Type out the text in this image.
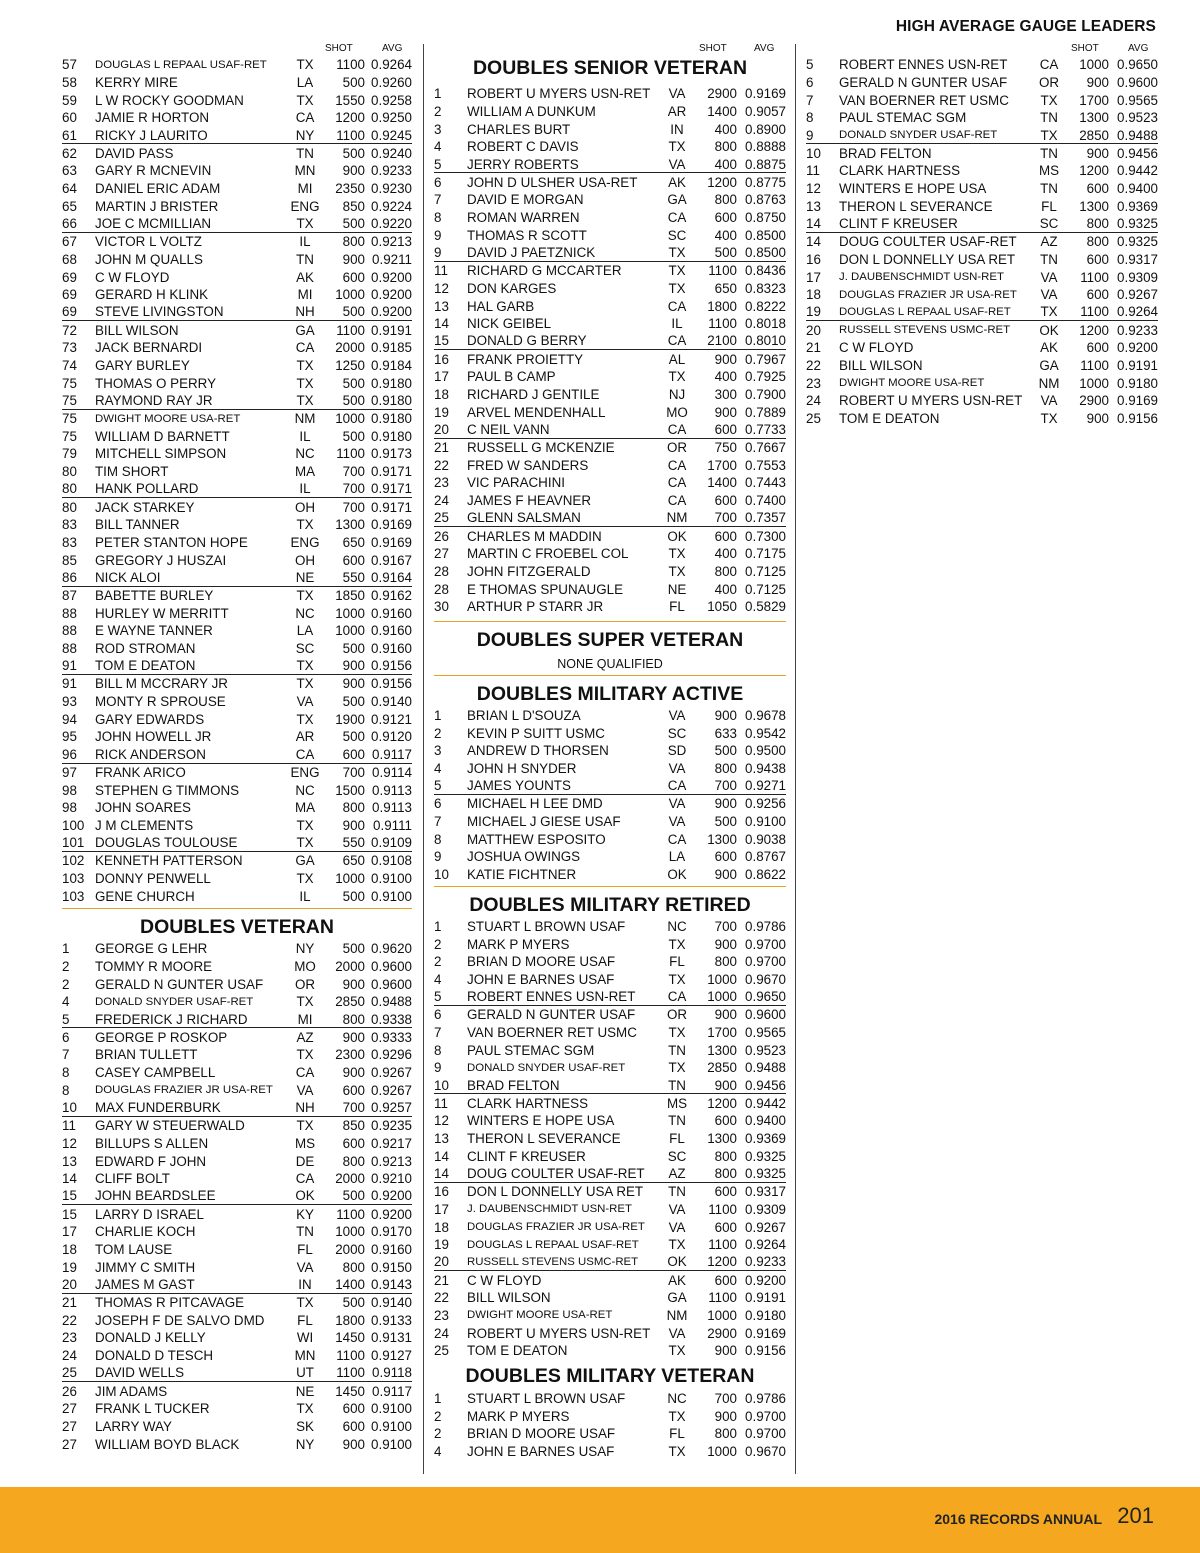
HIGH AVERAGE GAUGE LEADERS
SHOT	AVG
57	DOUGLAS L REPAAL USAF-RET	TX	1100 0.9264
58	KERRY MIRE	LA	500 0.9260
59	L W ROCKY GOODMAN	TX	1550 0.9258
60	JAMIE R HORTON	CA	1200 0.9250
61	RICKY J LAURITO	NY	1100 0.9245
62	DAVID PASS	TN	500 0.9240
63	GARY R MCNEVIN	MN	900 0.9233
64	DANIEL ERIC ADAM	MI	2350 0.9230
65	MARTIN J BRISTER	ENG	850 0.9224
66	JOE C MCMILLIAN	TX	500 0.9220
67	VICTOR L VOLTZ	IL	800 0.9213
68	JOHN M QUALLS	TN	900 0.9211
69	C W FLOYD	AK	600 0.9200
69	GERARD H KLINK	MI	1000 0.9200
69	STEVE LIVINGSTON	NH	500 0.9200
72	BILL WILSON	GA	1100 0.9191
73	JACK BERNARDI	CA	2000 0.9185
74	GARY BURLEY	TX	1250 0.9184
75	THOMAS O PERRY	TX	500 0.9180
75	RAYMOND RAY JR	TX	500 0.9180
75	DWIGHT MOORE USA-RET	NM	1000 0.9180
75	WILLIAM D BARNETT	IL	500 0.9180
79	MITCHELL SIMPSON	NC	1100 0.9173
80	TIM SHORT	MA	700 0.9171
80	HANK POLLARD	IL	700 0.9171
80	JACK STARKEY	OH	700 0.9171
83	BILL TANNER	TX	1300 0.9169
83	PETER STANTON HOPE	ENG	650 0.9169
85	GREGORY J HUSZAI	OH	600 0.9167
86	NICK ALOI	NE	550 0.9164
87	BABETTE BURLEY	TX	1850 0.9162
88	HURLEY W MERRITT	NC	1000 0.9160
88	E WAYNE TANNER	LA	1000 0.9160
88	ROD STROMAN	SC	500 0.9160
91	TOM E DEATON	TX	900 0.9156
91	BILL M MCCRARY JR	TX	900 0.9156
93	MONTY R SPROUSE	VA	500 0.9140
94	GARY EDWARDS	TX	1900 0.9121
95	JOHN HOWELL JR	AR	500 0.9120
96	RICK ANDERSON	CA	600 0.9117
97	FRANK ARICO	ENG	700 0.9114
98	STEPHEN G TIMMONS	NC	1500 0.9113
98	JOHN SOARES	MA	800 0.9113
100 J M CLEMENTS	TX	900 0.9111
101 DOUGLAS TOULOUSE	TX	550 0.9109
102 KENNETH PATTERSON	GA	650 0.9108
103 DONNY PENWELL	TX	1000 0.9100
103 GENE CHURCH	IL	500 0.9100
DOUBLES VETERAN
1	GEORGE G LEHR	NY	500 0.9620
2	TOMMY R MOORE	MO	2000 0.9600
2	GERALD N GUNTER USAF	OR	900 0.9600
4	DONALD SNYDER USAF-RET	TX	2850 0.9488
5	FREDERICK J RICHARD	MI	800 0.9338
6	GEORGE P ROSKOP	AZ	900 0.9333
7	BRIAN TULLETT	TX	2300 0.9296
8	CASEY CAMPBELL	CA	900 0.9267
8	DOUGLAS FRAZIER JR USA-RET	VA	600 0.9267
10	MAX FUNDERBURK	NH	700 0.9257
11	GARY W STEUERWALD	TX	850 0.9235
12	BILLUPS S ALLEN	MS	600 0.9217
13	EDWARD F JOHN	DE	800 0.9213
14	CLIFF BOLT	CA	2000 0.9210
15	JOHN BEARDSLEE	OK	500 0.9200
15	LARRY D ISRAEL	KY	1100 0.9200
17	CHARLIE KOCH	TN	1000 0.9170
18	TOM LAUSE	FL	2000 0.9160
19	JIMMY C SMITH	VA	800 0.9150
20	JAMES M GAST	IN	1400 0.9143
21	THOMAS R PITCAVAGE	TX	500 0.9140
22	JOSEPH F DE SALVO DMD	FL	1800 0.9133
23	DONALD J KELLY	WI	1450 0.9131
24	DONALD D TESCH	MN	1100 0.9127
25	DAVID WELLS	UT	1100 0.9118
26	JIM ADAMS	NE	1450 0.9117
27	FRANK L TUCKER	TX	600 0.9100
27	LARRY WAY	SK	600 0.9100
27	WILLIAM BOYD BLACK	NY	900 0.9100
SHOT	AVG
DOUBLES SENIOR VETERAN
1	ROBERT U MYERS USN-RET	VA	2900 0.9169
2	WILLIAM A DUNKUM	AR	1400 0.9057
3	CHARLES BURT	IN	400 0.8900
4	ROBERT C DAVIS	TX	800 0.8888
5	JERRY ROBERTS	VA	400 0.8875
6	JOHN D ULSHER USA-RET	AK	1200 0.8775
7	DAVID E MORGAN	GA	800 0.8763
8	ROMAN WARREN	CA	600 0.8750
9	THOMAS R SCOTT	SC	400 0.8500
9	DAVID J PAETZNICK	TX	500 0.8500
11	RICHARD G MCCARTER	TX	1100 0.8436
12	DON KARGES	TX	650 0.8323
13	HAL GARB	CA	1800 0.8222
14	NICK GEIBEL	IL	1100 0.8018
15	DONALD G BERRY	CA	2100 0.8010
16	FRANK PROIETTY	AL	900 0.7967
17	PAUL B CAMP	TX	400 0.7925
18	RICHARD J GENTILE	NJ	300 0.7900
19	ARVEL MENDENHALL	MO	900 0.7889
20	C NEIL VANN	CA	600 0.7733
21	RUSSELL G MCKENZIE	OR	750 0.7667
22	FRED W SANDERS	CA	1700 0.7553
23	VIC PARACHINI	CA	1400 0.7443
24	JAMES F HEAVNER	CA	600 0.7400
25	GLENN SALSMAN	NM	700 0.7357
26	CHARLES M MADDIN	OK	600 0.7300
27	MARTIN C FROEBEL COL	TX	400 0.7175
28	JOHN FITZGERALD	TX	800 0.7125
28	E THOMAS SPUNAUGLE	NE	400 0.7125
30	ARTHUR P STARR JR	FL	1050 0.5829
DOUBLES SUPER VETERAN
NONE QUALIFIED
DOUBLES MILITARY ACTIVE
1	BRIAN L D'SOUZA	VA	900 0.9678
2	KEVIN P SUITT USMC	SC	633 0.9542
3	ANDREW D THORSEN	SD	500 0.9500
4	JOHN H SNYDER	VA	800 0.9438
5	JAMES YOUNTS	CA	700 0.9271
6	MICHAEL H LEE DMD	VA	900 0.9256
7	MICHAEL J GIESE USAF	VA	500 0.9100
8	MATTHEW ESPOSITO	CA	1300 0.9038
9	JOSHUA OWINGS	LA	600 0.8767
10	KATIE FICHTNER	OK	900 0.8622
DOUBLES MILITARY RETIRED
1	STUART L BROWN USAF	NC	700 0.9786
2	MARK P MYERS	TX	900 0.9700
2	BRIAN D MOORE USAF	FL	800 0.9700
4	JOHN E BARNES USAF	TX	1000 0.9670
5	ROBERT ENNES USN-RET	CA	1000 0.9650
6	GERALD N GUNTER USAF	OR	900 0.9600
7	VAN BOERNER RET USMC	TX	1700 0.9565
8	PAUL STEMAC SGM	TN	1300 0.9523
9	DONALD SNYDER USAF-RET	TX	2850 0.9488
10	BRAD FELTON	TN	900 0.9456
11	CLARK HARTNESS	MS	1200 0.9442
12	WINTERS E HOPE USA	TN	600 0.9400
13	THERON L SEVERANCE	FL	1300 0.9369
14	CLINT F KREUSER	SC	800 0.9325
14	DOUG COULTER USAF-RET	AZ	800 0.9325
16	DON L DONNELLY USA RET	TN	600 0.9317
17	J. DAUBENSCHMIDT USN-RET	VA	1100 0.9309
18	DOUGLAS FRAZIER JR USA-RET	VA	600 0.9267
19	DOUGLAS L REPAAL USAF-RET	TX	1100 0.9264
20	RUSSELL STEVENS USMC-RET	OK	1200 0.9233
21	C W FLOYD	AK	600 0.9200
22	BILL WILSON	GA	1100 0.9191
23	DWIGHT MOORE USA-RET	NM	1000 0.9180
24	ROBERT U MYERS USN-RET	VA	2900 0.9169
25	TOM E DEATON	TX	900 0.9156
DOUBLES MILITARY VETERAN
1	STUART L BROWN USAF	NC	700 0.9786
2	MARK P MYERS	TX	900 0.9700
2	BRIAN D MOORE USAF	FL	800 0.9700
4	JOHN E BARNES USAF	TX	1000 0.9670
SHOT	AVG
5	ROBERT ENNES USN-RET	CA	1000 0.9650
6	GERALD N GUNTER USAF	OR	900 0.9600
7	VAN BOERNER RET USMC	TX	1700 0.9565
8	PAUL STEMAC SGM	TN	1300 0.9523
9	DONALD SNYDER USAF-RET	TX	2850 0.9488
10	BRAD FELTON	TN	900 0.9456
11	CLARK HARTNESS	MS	1200 0.9442
12	WINTERS E HOPE USA	TN	600 0.9400
13	THERON L SEVERANCE	FL	1300 0.9369
14	CLINT F KREUSER	SC	800 0.9325
14	DOUG COULTER USAF-RET	AZ	800 0.9325
16	DON L DONNELLY USA RET	TN	600 0.9317
17	J. DAUBENSCHMIDT USN-RET	VA	1100 0.9309
18	DOUGLAS FRAZIER JR USA-RET	VA	600 0.9267
19	DOUGLAS L REPAAL USAF-RET	TX	1100 0.9264
20	RUSSELL STEVENS USMC-RET	OK	1200 0.9233
21	C W FLOYD	AK	600 0.9200
22	BILL WILSON	GA	1100 0.9191
23	DWIGHT MOORE USA-RET	NM	1000 0.9180
24	ROBERT U MYERS USN-RET	VA	2900 0.9169
25	TOM E DEATON	TX	900 0.9156
2016 RECORDS ANNUAL 201
